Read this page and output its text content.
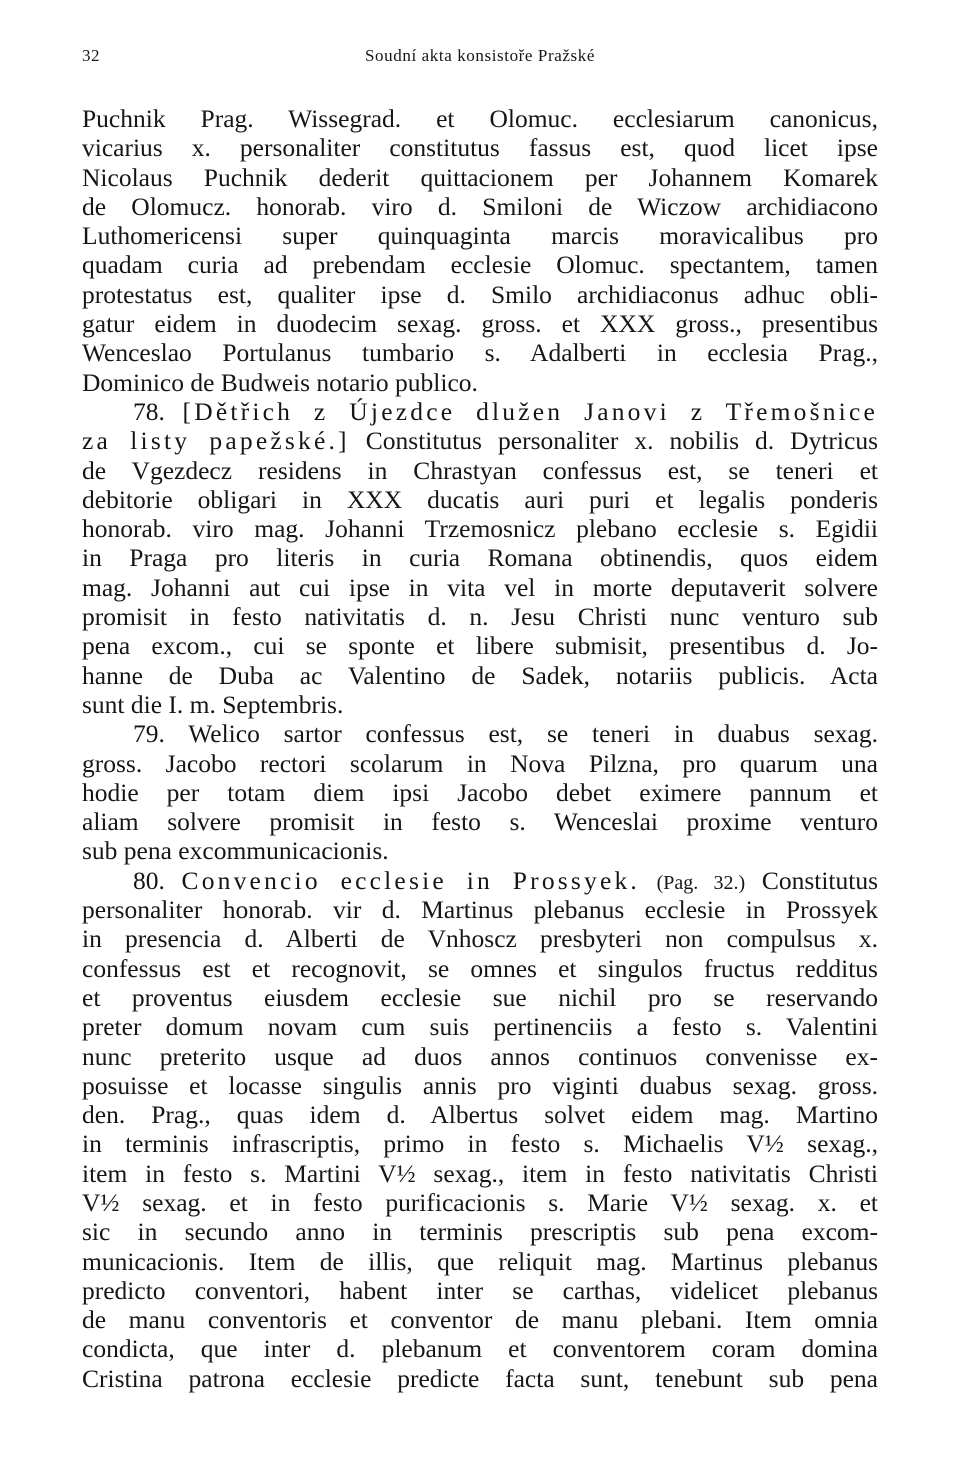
32	Soudní akta konsistoře Pražské
Puchnik Prag. Wissegrad. et Olomuc. ecclesiarum canonicus,
vicarius x. personaliter constitutus fassus est, quod licet ipse
Nicolaus Puchnik dederit quittacionem per Johannem Komarek
de Olomucz. honorab. viro d. Smiloni de Wiczow archidiacono
Luthomericensi super quinquaginta marcis moravicalibus pro
quadam curia ad prebendam ecclesie Olomuc. spectantem, tamen
protestatus est, qualiter ipse d. Smilo archidiaconus adhuc obli-
gatur eidem in duodecim sexag. gross. et XXX gross., presentibus
Wenceslao Portulanus tumbario s. Adalberti in ecclesia Prag.,
Dominico de Budweis notario publico.
78. [Dětřich z Újezdce dlužen Janovi z Třemošnice
za listy papežské.] Constitutus personaliter x. nobilis d. Dytricus
de Vgezdecz residens in Chrastyan confessus est, se teneri et
debitorie obligari in XXX ducatis auri puri et legalis ponderis
honorab. viro mag. Johanni Trzemosnicz plebano ecclesie s. Egidii
in Praga pro literis in curia Romana obtinendis, quos eidem
mag. Johanni aut cui ipse in vita vel in morte deputaverit solvere
promisit in festo nativitatis d. n. Jesu Christi nunc venturo sub
pena excom., cui se sponte et libere submisit, presentibus d. Jo-
hanne de Duba ac Valentino de Sadek, notariis publicis. Acta
sunt die I. m. Septembris.
79. Welico sartor confessus est, se teneri in duabus sexag.
gross. Jacobo rectori scolarum in Nova Pilzna, pro quarum una
hodie per totam diem ipsi Jacobo debet eximere pannum et
aliam solvere promisit in festo s. Wenceslai proxime venturo
sub pena excommunicacionis.
80. Convencio ecclesie in Prossyek. (Pag. 32.) Constitutus
personaliter honorab. vir d. Martinus plebanus ecclesie in Prossyek
in presencia d. Alberti de Vnhoscz presbyteri non compulsus x.
confessus est et recognovit, se omnes et singulos fructus redditus
et proventus eiusdem ecclesie sue nichil pro se reservando
preter domum novam cum suis pertinenciis a festo s. Valentini
nunc preterito usque ad duos annos continuos convenisse ex-
posuisse et locasse singulis annis pro viginti duabus sexag. gross.
den. Prag., quas idem d. Albertus solvet eidem mag. Martino
in terminis infrascriptis, primo in festo s. Michaelis V½ sexag.,
item in festo s. Martini V½ sexag., item in festo nativitatis Christi
V½ sexag. et in festo purificacionis s. Marie V½ sexag. x. et
sic in secundo anno in terminis prescriptis sub pena excom-
municacionis. Item de illis, que reliquit mag. Martinus plebanus
predicto conventori, habent inter se carthas, videlicet plebanus
de manu conventoris et conventor de manu plebani. Item omnia
condicta, que inter d. plebanum et conventorem coram domina
Cristina patrona ecclesie predicte facta sunt, tenebunt sub pena
